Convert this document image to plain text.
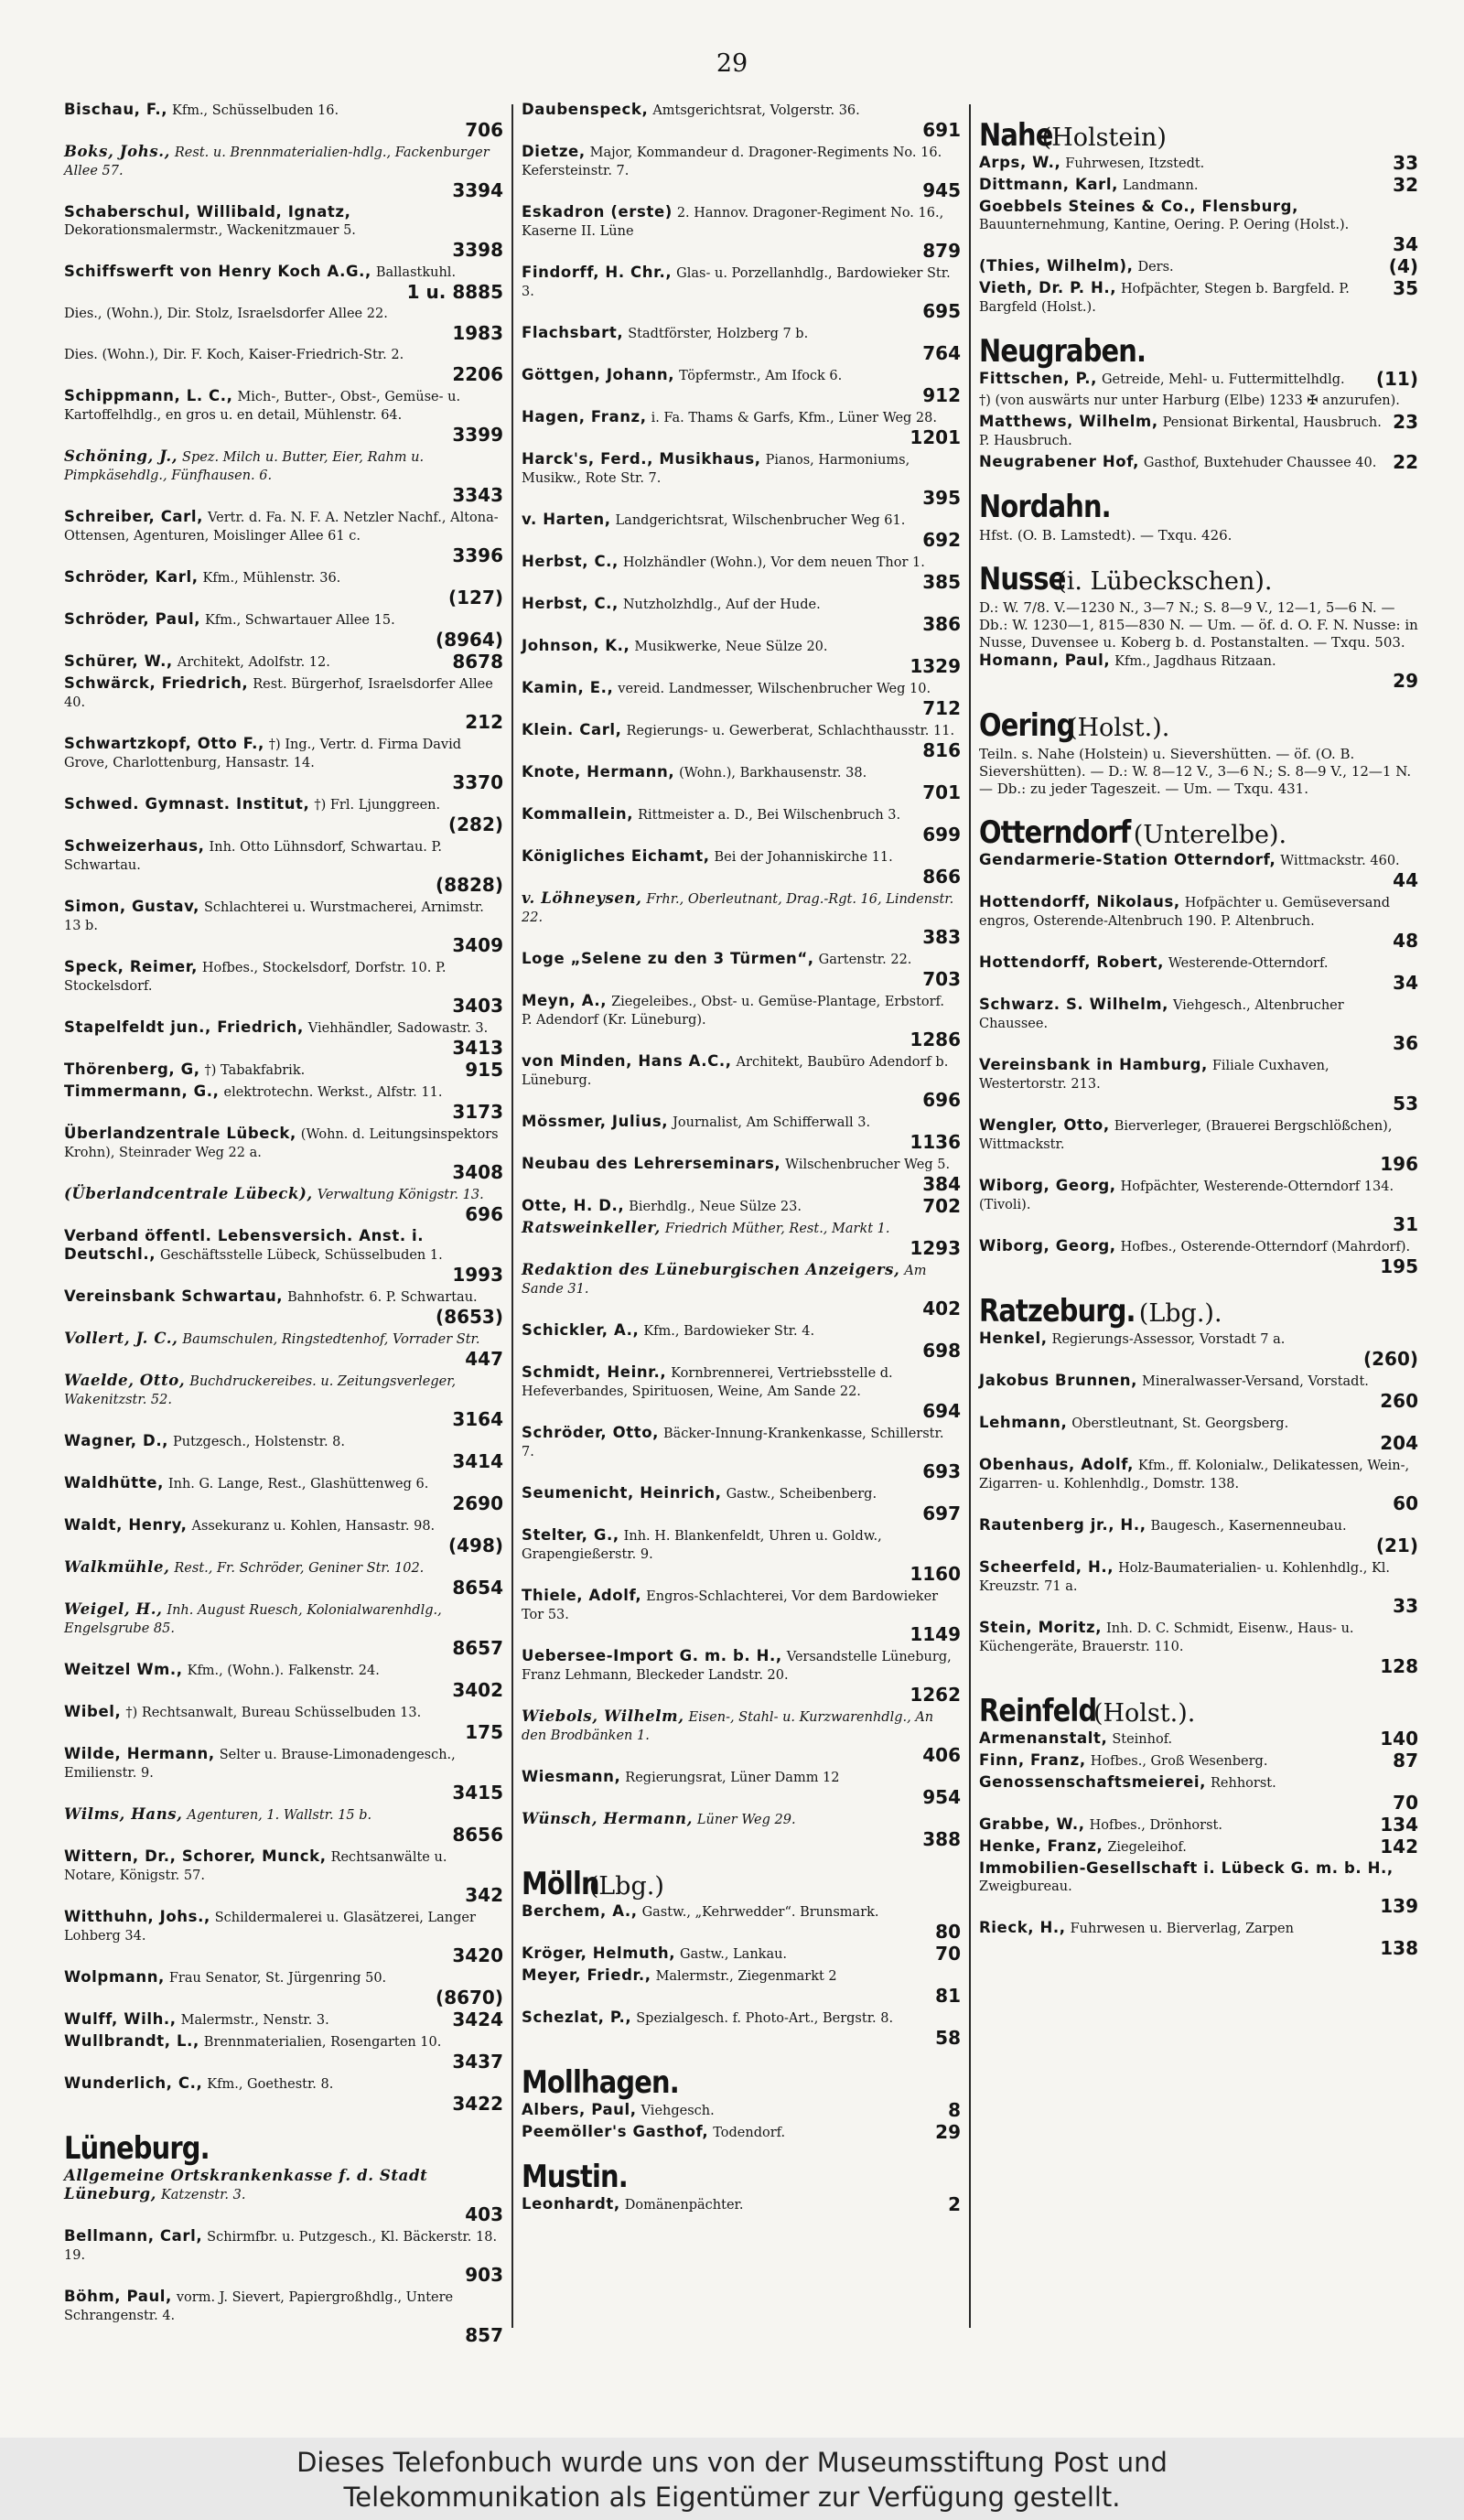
29
Bischau, F., Kfm., Schüsselbuden 16.
706
Boks, Johs., Rest. u. Brennmaterialien-hdlg., Fackenburger Allee 57.
3394
Schaberschul, Willibald, Ignatz, Dekorationsmalermstr., Wackenitzmauer 5.
3398
Schiffswerft von Henry Koch A.G., Ballastkuhl.
1 u. 8885
Dies., (Wohn.), Dir. Stolz, Israelsdorfer Allee 22.
1983
Dies. (Wohn.), Dir. F. Koch, Kaiser-Friedrich-Str. 2.
2206
Schippmann, L. C., Mich-, Butter-, Obst-, Gemüse- u. Kartoffelhdlg., en gros u. en detail, Mühlenstr. 64.
3399
Schöning, J., Spez. Milch u. Butter, Eier, Rahm u. Pimpkäsehdlg., Fünfhausen. 6.
3343
Schreiber, Carl, Vertr. d. Fa. N. F. A. Netzler Nachf., Altona-Ottensen, Agenturen, Moislinger Allee 61 c.
3396
Schröder, Karl, Kfm., Mühlenstr. 36.
(127)
Schröder, Paul, Kfm., Schwartauer Allee 15.
(8964)
8678
Schürer, W., Architekt, Adolfstr. 12.
Schwärck, Friedrich, Rest. Bürgerhof, Israelsdorfer Allee 40.
212
Schwartzkopf, Otto F., †) Ing., Vertr. d. Firma David Grove, Charlottenburg, Hansastr. 14.
3370
Schwed. Gymnast. Institut, †) Frl. Ljunggreen.
(282)
Schweizerhaus, Inh. Otto Lühnsdorf, Schwartau. P. Schwartau.
(8828)
Simon, Gustav, Schlachterei u. Wurstmacherei, Arnimstr. 13 b.
3409
Speck, Reimer, Hofbes., Stockelsdorf, Dorfstr. 10. P. Stockelsdorf.
3403
Stapelfeldt jun., Friedrich, Viehhändler, Sadowastr. 3.
3413
915
Thörenberg, G, †) Tabakfabrik.
Timmermann, G., elektrotechn. Werkst., Alfstr. 11.
3173
Überlandzentrale Lübeck, (Wohn. d. Leitungsinspektors Krohn), Steinrader Weg 22 a.
3408
(Überlandcentrale Lübeck), Verwaltung Königstr. 13.
696
Verband öffentl. Lebensversich. Anst. i. Deutschl., Geschäftsstelle Lübeck, Schüsselbuden 1.
1993
Vereinsbank Schwartau, Bahnhofstr. 6. P. Schwartau.
(8653)
Vollert, J. C., Baumschulen, Ringstedtenhof, Vorrader Str.
447
Waelde, Otto, Buchdruckereibes. u. Zeitungsverleger, Wakenitzstr. 52.
3164
Wagner, D., Putzgesch., Holstenstr. 8.
3414
Waldhütte, Inh. G. Lange, Rest., Glashüttenweg 6.
2690
Waldt, Henry, Assekuranz u. Kohlen, Hansastr. 98.
(498)
Walkmühle, Rest., Fr. Schröder, Geniner Str. 102.
8654
Weigel, H., Inh. August Ruesch, Kolonialwarenhdlg., Engelsgrube 85.
8657
Weitzel Wm., Kfm., (Wohn.). Falkenstr. 24.
3402
Wibel, †) Rechtsanwalt, Bureau Schüsselbuden 13.
175
Wilde, Hermann, Selter u. Brause-Limonadengesch., Emilienstr. 9.
3415
Wilms, Hans, Agenturen, 1. Wallstr. 15 b.
8656
Wittern, Dr., Schorer, Munck, Rechtsanwälte u. Notare, Königstr. 57.
342
Witthuhn, Johs., Schildermalerei u. Glasätzerei, Langer Lohberg 34.
3420
Wolpmann, Frau Senator, St. Jürgenring 50.
(8670)
3424
Wulff, Wilh., Malermstr., Nenstr. 3.
Wullbrandt, L., Brennmaterialien, Rosengarten 10.
3437
Wunderlich, C., Kfm., Goethestr. 8.
3422
Lüneburg.
Allgemeine Ortskrankenkasse f. d. Stadt Lüneburg, Katzenstr. 3.
403
Bellmann, Carl, Schirmfbr. u. Putzgesch., Kl. Bäckerstr. 18. 19.
903
Böhm, Paul, vorm. J. Sievert, Papiergroßhdlg., Untere Schrangenstr. 4.
857
Daubenspeck, Amtsgerichtsrat, Volgerstr. 36.
691
Dietze, Major, Kommandeur d. Dragoner-Regiments No. 16. Kefersteinstr. 7.
945
Eskadron (erste) 2. Hannov. Dragoner-Regiment No. 16., Kaserne II. Lüne
879
Findorff, H. Chr., Glas- u. Porzellanhdlg., Bardowieker Str. 3.
695
Flachsbart, Stadtförster, Holzberg 7 b.
764
Göttgen, Johann, Töpfermstr., Am Ifock 6.
912
Hagen, Franz, i. Fa. Thams & Garfs, Kfm., Lüner Weg 28.
1201
Harck's, Ferd., Musikhaus, Pianos, Harmoniums, Musikw., Rote Str. 7.
395
v. Harten, Landgerichtsrat, Wilschenbrucher Weg 61.
692
Herbst, C., Holzhändler (Wohn.), Vor dem neuen Thor 1.
385
Herbst, C., Nutzholzhdlg., Auf der Hude.
386
Johnson, K., Musikwerke, Neue Sülze 20.
1329
Kamin, E., vereid. Landmesser, Wilschenbrucher Weg 10.
712
Klein. Carl, Regierungs- u. Gewerberat, Schlachthausstr. 11.
816
Knote, Hermann, (Wohn.), Barkhausenstr. 38.
701
Kommallein, Rittmeister a. D., Bei Wilschenbruch 3.
699
Königliches Eichamt, Bei der Johanniskirche 11.
866
v. Löhneysen, Frhr., Oberleutnant, Drag.-Rgt. 16, Lindenstr. 22.
383
Loge „Selene zu den 3 Türmen“, Gartenstr. 22.
703
Meyn, A., Ziegeleibes., Obst- u. Gemüse-Plantage, Erbstorf. P. Adendorf (Kr. Lüneburg).
1286
von Minden, Hans A.C., Architekt, Baubüro Adendorf b. Lüneburg.
696
Mössmer, Julius, Journalist, Am Schifferwall 3.
1136
Neubau des Lehrerseminars, Wilschenbrucher Weg 5.
384
702
Otte, H. D., Bierhdlg., Neue Sülze 23.
Ratsweinkeller, Friedrich Müther, Rest., Markt 1.
1293
Redaktion des Lüneburgischen Anzeigers, Am Sande 31.
402
Schickler, A., Kfm., Bardowieker Str. 4.
698
Schmidt, Heinr., Kornbrennerei, Vertriebsstelle d. Hefeverbandes, Spirituosen, Weine, Am Sande 22.
694
Schröder, Otto, Bäcker-Innung-Krankenkasse, Schillerstr. 7.
693
Seumenicht, Heinrich, Gastw., Scheibenberg.
697
Stelter, G., Inh. H. Blankenfeldt, Uhren u. Goldw., Grapengießerstr. 9.
1160
Thiele, Adolf, Engros-Schlachterei, Vor dem Bardowieker Tor 53.
1149
Uebersee-Import G. m. b. H., Versandstelle Lüneburg, Franz Lehmann, Bleckeder Landstr. 20.
1262
Wiebols, Wilhelm, Eisen-, Stahl- u. Kurzwarenhdlg., An den Brodbänken 1.
406
Wiesmann, Regierungsrat, Lüner Damm 12
954
Wünsch, Hermann, Lüner Weg 29.
388
Mölln(Lbg.)
Berchem, A., Gastw., „Kehrwedder“. Brunsmark.
80
70
Kröger, Helmuth, Gastw., Lankau.
Meyer, Friedr., Malermstr., Ziegenmarkt 2
81
Schezlat, P., Spezialgesch. f. Photo-Art., Bergstr. 8.
58
Mollhagen.
8
Albers, Paul, Viehgesch.
29
Peemöller's Gasthof, Todendorf.
Mustin.
2
Leonhardt, Domänenpächter.
Nahe(Holstein)
33
Arps, W., Fuhrwesen, Itzstedt.
32
Dittmann, Karl, Landmann.
Goebbels Steines & Co., Flensburg, Bauunternehmung, Kantine, Oering. P. Oering (Holst.).
34
(4)
(Thies, Wilhelm), Ders.
35
Vieth, Dr. P. H., Hofpächter, Stegen b. Bargfeld. P. Bargfeld (Holst.).
Neugraben.
(11)
Fittschen, P., Getreide, Mehl- u. Futtermittelhdlg.
†) (von auswärts nur unter Harburg (Elbe) 1233 ✠ anzurufen).
23
Matthews, Wilhelm, Pensionat Birkental, Hausbruch. P. Hausbruch.
22
Neugrabener Hof, Gasthof, Buxtehuder Chaussee 40.
Nordahn.
Hfst. (O. B. Lamstedt). — Txqu. 426.
Nusse(i. Lübeckschen).
D.: W. 7/8. V.—1230 N., 3—7 N.; S. 8—9 V., 12—1, 5—6 N. — Db.: W. 1230—1, 815—830 N. — Um. — öf. d. O. F. N. Nusse: in Nusse, Duvensee u. Koberg b. d. Postanstalten. — Txqu. 503.
Homann, Paul, Kfm., Jagdhaus Ritzaan.
29
Oering(Holst.).
Teiln. s. Nahe (Holstein) u. Sievershütten. — öf. (O. B. Sievershütten). — D.: W. 8—12 V., 3—6 N.; S. 8—9 V., 12—1 N. — Db.: zu jeder Tageszeit. — Um. — Txqu. 431.
Otterndorf (Unterelbe).
Gendarmerie-Station Otterndorf, Wittmackstr. 460.
44
Hottendorff, Nikolaus, Hofpächter u. Gemüseversand engros, Osterende-Altenbruch 190. P. Altenbruch.
48
Hottendorff, Robert, Westerende-Otterndorf.
34
Schwarz. S. Wilhelm, Viehgesch., Altenbrucher Chaussee.
36
Vereinsbank in Hamburg, Filiale Cuxhaven, Westertorstr. 213.
53
Wengler, Otto, Bierverleger, (Brauerei Bergschlößchen), Wittmackstr.
196
Wiborg, Georg, Hofpächter, Westerende-Otterndorf 134. (Tivoli).
31
Wiborg, Georg, Hofbes., Osterende-Otterndorf (Mahrdorf).
195
Ratzeburg. (Lbg.).
Henkel, Regierungs-Assessor, Vorstadt 7 a.
(260)
Jakobus Brunnen, Mineralwasser-Versand, Vorstadt.
260
Lehmann, Oberstleutnant, St. Georgsberg.
204
Obenhaus, Adolf, Kfm., ff. Kolonialw., Delikatessen, Wein-, Zigarren- u. Kohlenhdlg., Domstr. 138.
60
Rautenberg jr., H., Baugesch., Kasernenneubau.
(21)
Scheerfeld, H., Holz-Baumaterialien- u. Kohlenhdlg., Kl. Kreuzstr. 71 a.
33
Stein, Moritz, Inh. D. C. Schmidt, Eisenw., Haus- u. Küchengeräte, Brauerstr. 110.
128
Reinfeld(Holst.).
140
Armenanstalt, Steinhof.
87
Finn, Franz, Hofbes., Groß Wesenberg.
Genossenschaftsmeierei, Rehhorst.
70
134
Grabbe, W., Hofbes., Drönhorst.
142
Henke, Franz, Ziegeleihof.
Immobilien-Gesellschaft i. Lübeck G. m. b. H., Zweigbureau.
139
Rieck, H., Fuhrwesen u. Bierverlag, Zarpen
138
Dieses Telefonbuch wurde uns von der Museumsstiftung Post und
Telekommunikation als Eigentümer zur Verfügung gestellt.
